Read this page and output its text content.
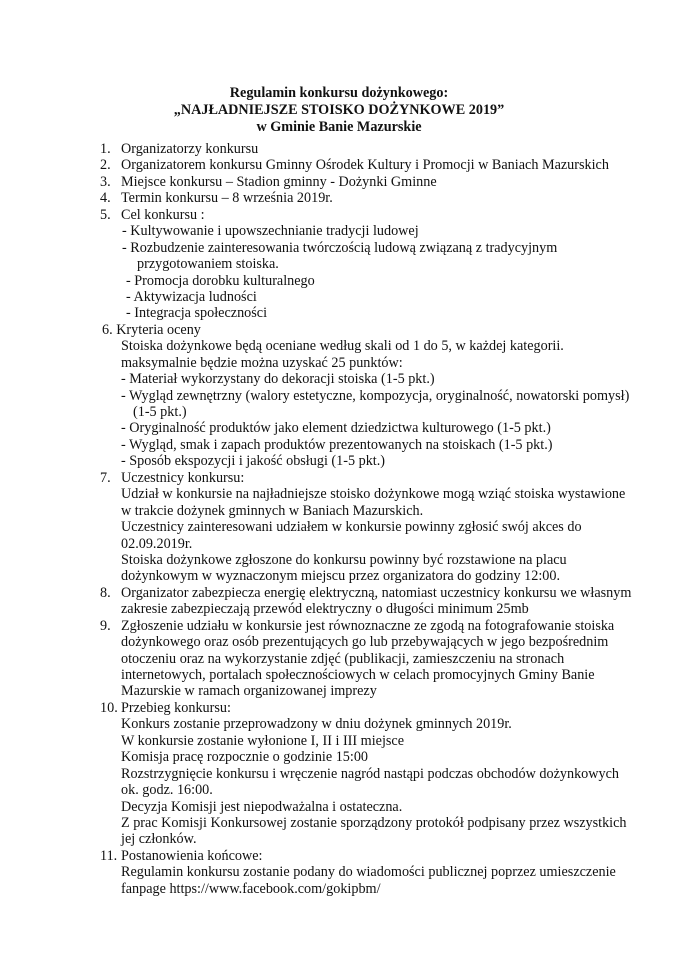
Regulamin konkursu dożynkowego:
„NAJŁADNIEJSZE STOISKO DOŻYNKOWE 2019”
w Gminie Banie Mazurskie
1. Organizatorzy konkursu
2. Organizatorem konkursu Gminny Ośrodek Kultury i Promocji w Baniach Mazurskich
3. Miejsce konkursu – Stadion gminny - Dożynki Gminne
4. Termin konkursu – 8 września 2019r.
5. Cel konkursu :
- Kultywowanie i upowszechnianie tradycji ludowej
- Rozbudzenie zainteresowania twórczością ludową związaną z tradycyjnym
przygotowaniem stoiska.
- Promocja dorobku kulturalnego
- Aktywizacja ludności
- Integracja społeczności
6. Kryteria oceny
Stoiska dożynkowe będą oceniane według skali od 1 do 5, w każdej kategorii.
maksymalnie będzie można uzyskać 25 punktów:
- Materiał wykorzystany do dekoracji stoiska (1-5 pkt.)
- Wygląd zewnętrzny (walory estetyczne, kompozycja, oryginalność, nowatorski pomysł)
(1-5 pkt.)
- Oryginalność produktów jako element dziedzictwa kulturowego (1-5 pkt.)
- Wygląd, smak i zapach produktów prezentowanych na stoiskach (1-5 pkt.)
- Sposób ekspozycji i jakość obsługi (1-5 pkt.)
7. Uczestnicy konkursu:
Udział w konkursie na najładniejsze stoisko dożynkowe mogą wziąć stoiska wystawione
w trakcie dożynek gminnych w Baniach Mazurskich.
Uczestnicy zainteresowani udziałem w konkursie powinny zgłosić swój akces do
02.09.2019r.
Stoiska dożynkowe zgłoszone do konkursu powinny być rozstawione na placu
dożynkowym w wyznaczonym miejscu przez organizatora do godziny 12:00.
8. Organizator zabezpiecza energię elektryczną, natomiast uczestnicy konkursu we własnym
zakresie zabezpieczają przewód elektryczny o długości minimum 25mb
9. Zgłoszenie udziału w konkursie jest równoznaczne ze zgodą na fotografowanie stoiska
dożynkowego oraz osób prezentujących go lub przebywających w jego bezpośrednim
otoczeniu oraz na wykorzystanie zdjęć (publikacji, zamieszczeniu na stronach
internetowych, portalach społecznościowych w celach promocyjnych Gminy Banie
Mazurskie w ramach organizowanej imprezy
10. Przebieg konkursu:
Konkurs zostanie przeprowadzony w dniu dożynek gminnych 2019r.
W konkursie zostanie wyłonione I, II i III miejsce
Komisja pracę rozpocznie o godzinie 15:00
Rozstrzygnięcie konkursu i wręczenie nagród nastąpi podczas obchodów dożynkowych
ok. godz. 16:00.
Decyzja Komisji jest niepodważalna i ostateczna.
Z prac Komisji Konkursowej zostanie sporządzony protokół podpisany przez wszystkich
jej członków.
11. Postanowienia końcowe:
Regulamin konkursu zostanie podany do wiadomości publicznej poprzez umieszczenie
fanpage https://www.facebook.com/gokipbm/
